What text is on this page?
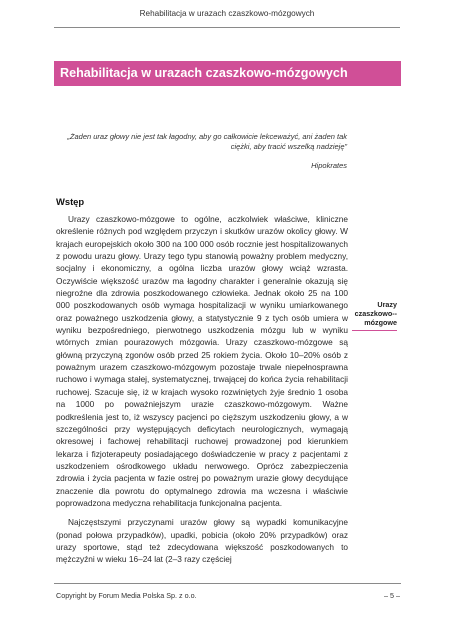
Rehabilitacja w urazach czaszkowo-mózgowych
Rehabilitacja w urazach czaszkowo-mózgowych
„Żaden uraz głowy nie jest tak łagodny, aby go całkowicie lekceważyć, ani żaden tak ciężki, aby tracić wszelką nadzieję”
Hipokrates
Wstęp

Urazy czaszkowo-mózgowe to ogólne, aczkolwiek właściwe, kliniczne określenie różnych pod względem przyczyn i skutków urazów okolicy głowy. W krajach europejskich około 300 na 100 000 osób rocznie jest hospitalizowanych z powodu urazu głowy. Urazy tego typu stanowią poważny problem medyczny, socjalny i ekonomiczny, a ogólna liczba urazów głowy wciąż wzrasta. Oczywiście większość urazów ma łagodny charakter i generalnie okazują się niegroźne dla zdrowia poszkodowanego człowieka. Jednak około 25 na 100 000 poszkodowanych osób wymaga hospitalizacji w wyniku umiarkowanego oraz poważnego uszkodzenia głowy, a statystycznie 9 z tych osób umiera w wyniku bezpośredniego, pierwotnego uszkodzenia mózgu lub w wyniku wtórnych zmian pourazowych mózgowia. Urazy czaszkowo-mózgowe są główną przyczyną zgonów osób przed 25 rokiem życia. Około 10–20% osób z poważnym urazem czaszkowo-mózgowym pozostaje trwale niepełnosprawna ruchowo i wymaga stałej, systematycznej, trwającej do końca życia rehabilitacji ruchowej. Szacuje się, iż w krajach wysoko rozwiniętych żyje średnio 1 osoba na 1000 po poważniejszym urazie czaszkowo-mózgowym. Ważne podkreślenia jest to, iż wszyscy pacjenci po cięższym uszkodzeniu głowy, a w szczególności przy występujących deficytach neurologicznych, wymagają okresowej i fachowej rehabilitacji ruchowej prowadzonej pod kierunkiem lekarza i fizjoterapeuty posiadającego doświadczenie w pracy z pacjentami z uszkodzeniem ośrodkowego układu nerwowego. Oprócz zabezpieczenia zdrowia i życia pacjenta w fazie ostrej po poważnym urazie głowy decydujące znaczenie dla powrotu do optymalnego zdrowia ma wczesna i właściwie poprowadzona medyczna rehabilitacja funkcjonalna pacjenta.

Najczęstszymi przyczynami urazów głowy są wypadki komunikacyjne (ponad połowa przypadków), upadki, pobicia (około 20% przypadków) oraz urazy sportowe, stąd też zdecydowana większość poszkodowanych to mężczyźni w wieku 16–24 lat (2–3 razy częściej

Urazy czaszkowo--mózgowe
Copyright by Forum Media Polska Sp. z o.o.	– 5 –
